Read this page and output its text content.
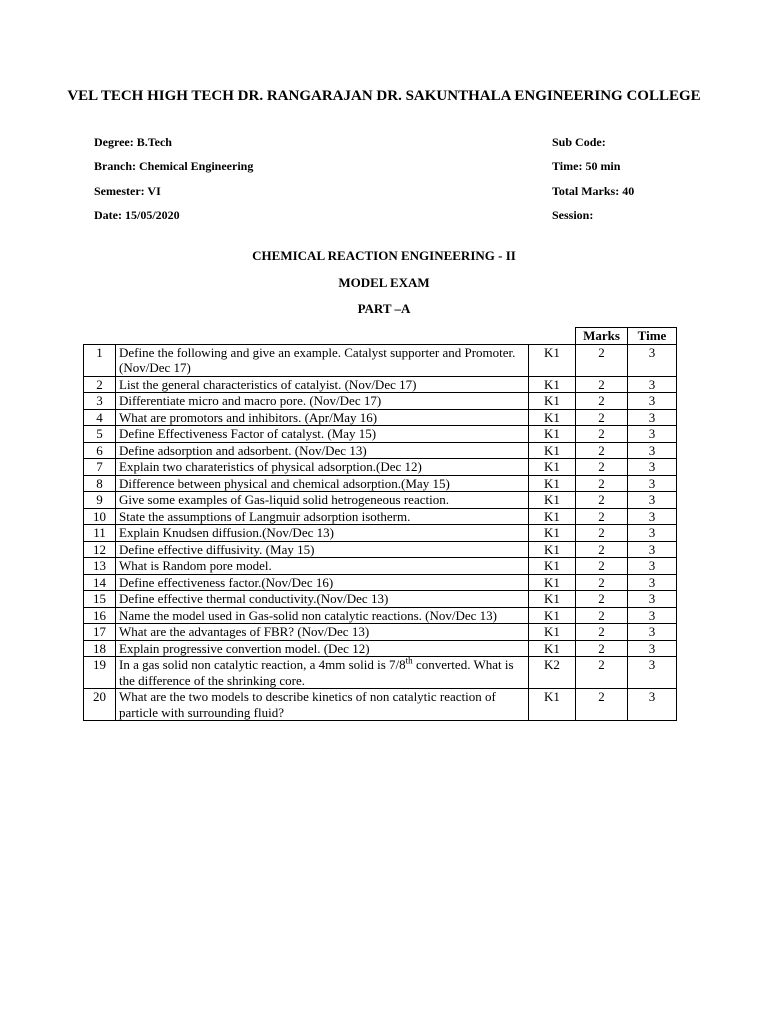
VEL TECH HIGH TECH DR. RANGARAJAN DR. SAKUNTHALA ENGINEERING COLLEGE
Degree: B.Tech
Branch: Chemical Engineering
Semester: VI
Date: 15/05/2020
Sub Code:
Time: 50 min
Total Marks: 40
Session:
CHEMICAL REACTION ENGINEERING - II
MODEL EXAM
PART –A
			Marks	Time
1	Define the following and give an example. Catalyst supporter and Promoter. (Nov/Dec 17)	K1	2	3
2	List the general characteristics of catalyist. (Nov/Dec 17)	K1	2	3
3	Differentiate micro and macro pore. (Nov/Dec 17)	K1	2	3
4	What are promotors and inhibitors. (Apr/May 16)	K1	2	3
5	Define Effectiveness Factor of catalyst. (May 15)	K1	2	3
6	Define adsorption and adsorbent. (Nov/Dec 13)	K1	2	3
7	Explain two charateristics of physical adsorption.(Dec 12)	K1	2	3
8	Difference between physical and chemical adsorption.(May 15)	K1	2	3
9	Give some examples of Gas-liquid solid hetrogeneous reaction.	K1	2	3
10	State the assumptions of Langmuir adsorption isotherm.	K1	2	3
11	Explain Knudsen diffusion.(Nov/Dec 13)	K1	2	3
12	Define effective diffusivity. (May 15)	K1	2	3
13	What is Random pore model.	K1	2	3
14	Define effectiveness factor.(Nov/Dec 16)	K1	2	3
15	Define effective thermal conductivity.(Nov/Dec 13)	K1	2	3
16	Name the model used in Gas-solid non catalytic reactions. (Nov/Dec 13)	K1	2	3
17	What are the advantages of FBR? (Nov/Dec 13)	K1	2	3
18	Explain progressive convertion model. (Dec 12)	K1	2	3
19	In a gas solid non catalytic reaction, a 4mm solid is 7/8th converted. What is the difference of the shrinking core.	K2	2	3
20	What are the two models to describe kinetics of non catalytic reaction of particle with surrounding fluid?	K1	2	3
